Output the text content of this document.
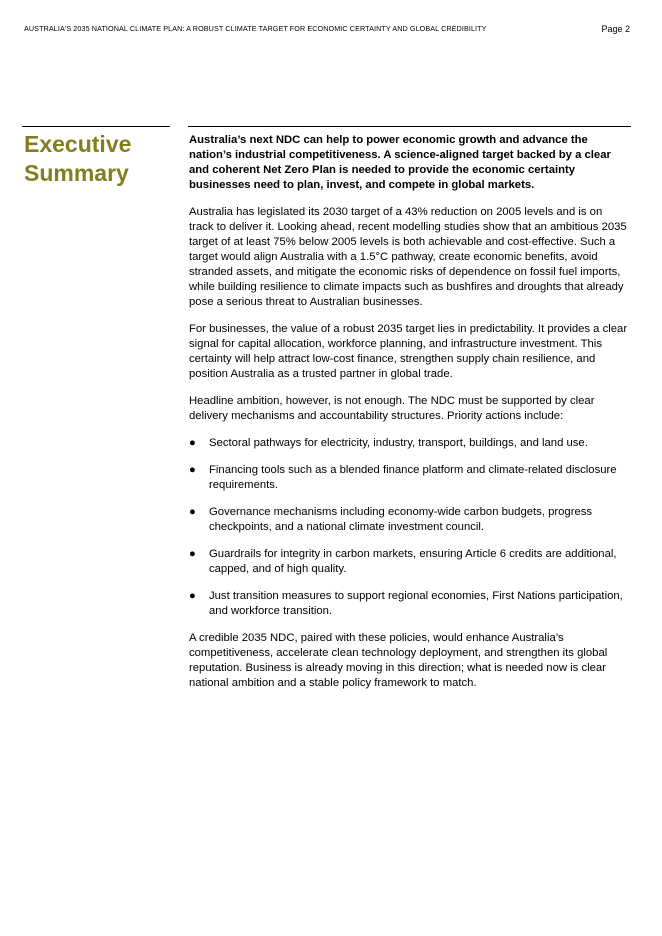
AUSTRALIA'S 2035 NATIONAL CLIMATE PLAN: A ROBUST CLIMATE TARGET FOR ECONOMIC CERTAINTY AND GLOBAL CREDIBILITY	Page 2
Executive
Summary

Australia’s next NDC can help to power economic growth and advance the nation’s industrial competitiveness. A science-aligned target backed by a clear and coherent Net Zero Plan is needed to provide the economic certainty businesses need to plan, invest, and compete in global markets.

Australia has legislated its 2030 target of a 43% reduction on 2005 levels and is on track to deliver it. Looking ahead, recent modelling studies show that an ambitious 2035 target of at least 75% below 2005 levels is both achievable and cost-effective. Such a target would align Australia with a 1.5°C pathway, create economic benefits, avoid stranded assets, and mitigate the economic risks of dependence on fossil fuel imports, while building resilience to climate impacts such as bushfires and droughts that already pose a serious threat to Australian businesses.

For businesses, the value of a robust 2035 target lies in predictability. It provides a clear signal for capital allocation, workforce planning, and infrastructure investment. This certainty will help attract low-cost finance, strengthen supply chain resilience, and position Australia as a trusted partner in global trade.

Headline ambition, however, is not enough. The NDC must be supported by clear delivery mechanisms and accountability structures. Priority actions include:

● Sectoral pathways for electricity, industry, transport, buildings, and land use.
● Financing tools such as a blended finance platform and climate-related disclosure requirements.
● Governance mechanisms including economy-wide carbon budgets, progress checkpoints, and a national climate investment council.
● Guardrails for integrity in carbon markets, ensuring Article 6 credits are additional, capped, and of high quality.
● Just transition measures to support regional economies, First Nations participation, and workforce transition.

A credible 2035 NDC, paired with these policies, would enhance Australia’s competitiveness, accelerate clean technology deployment, and strengthen its global reputation. Business is already moving in this direction; what is needed now is clear national ambition and a stable policy framework to match.
